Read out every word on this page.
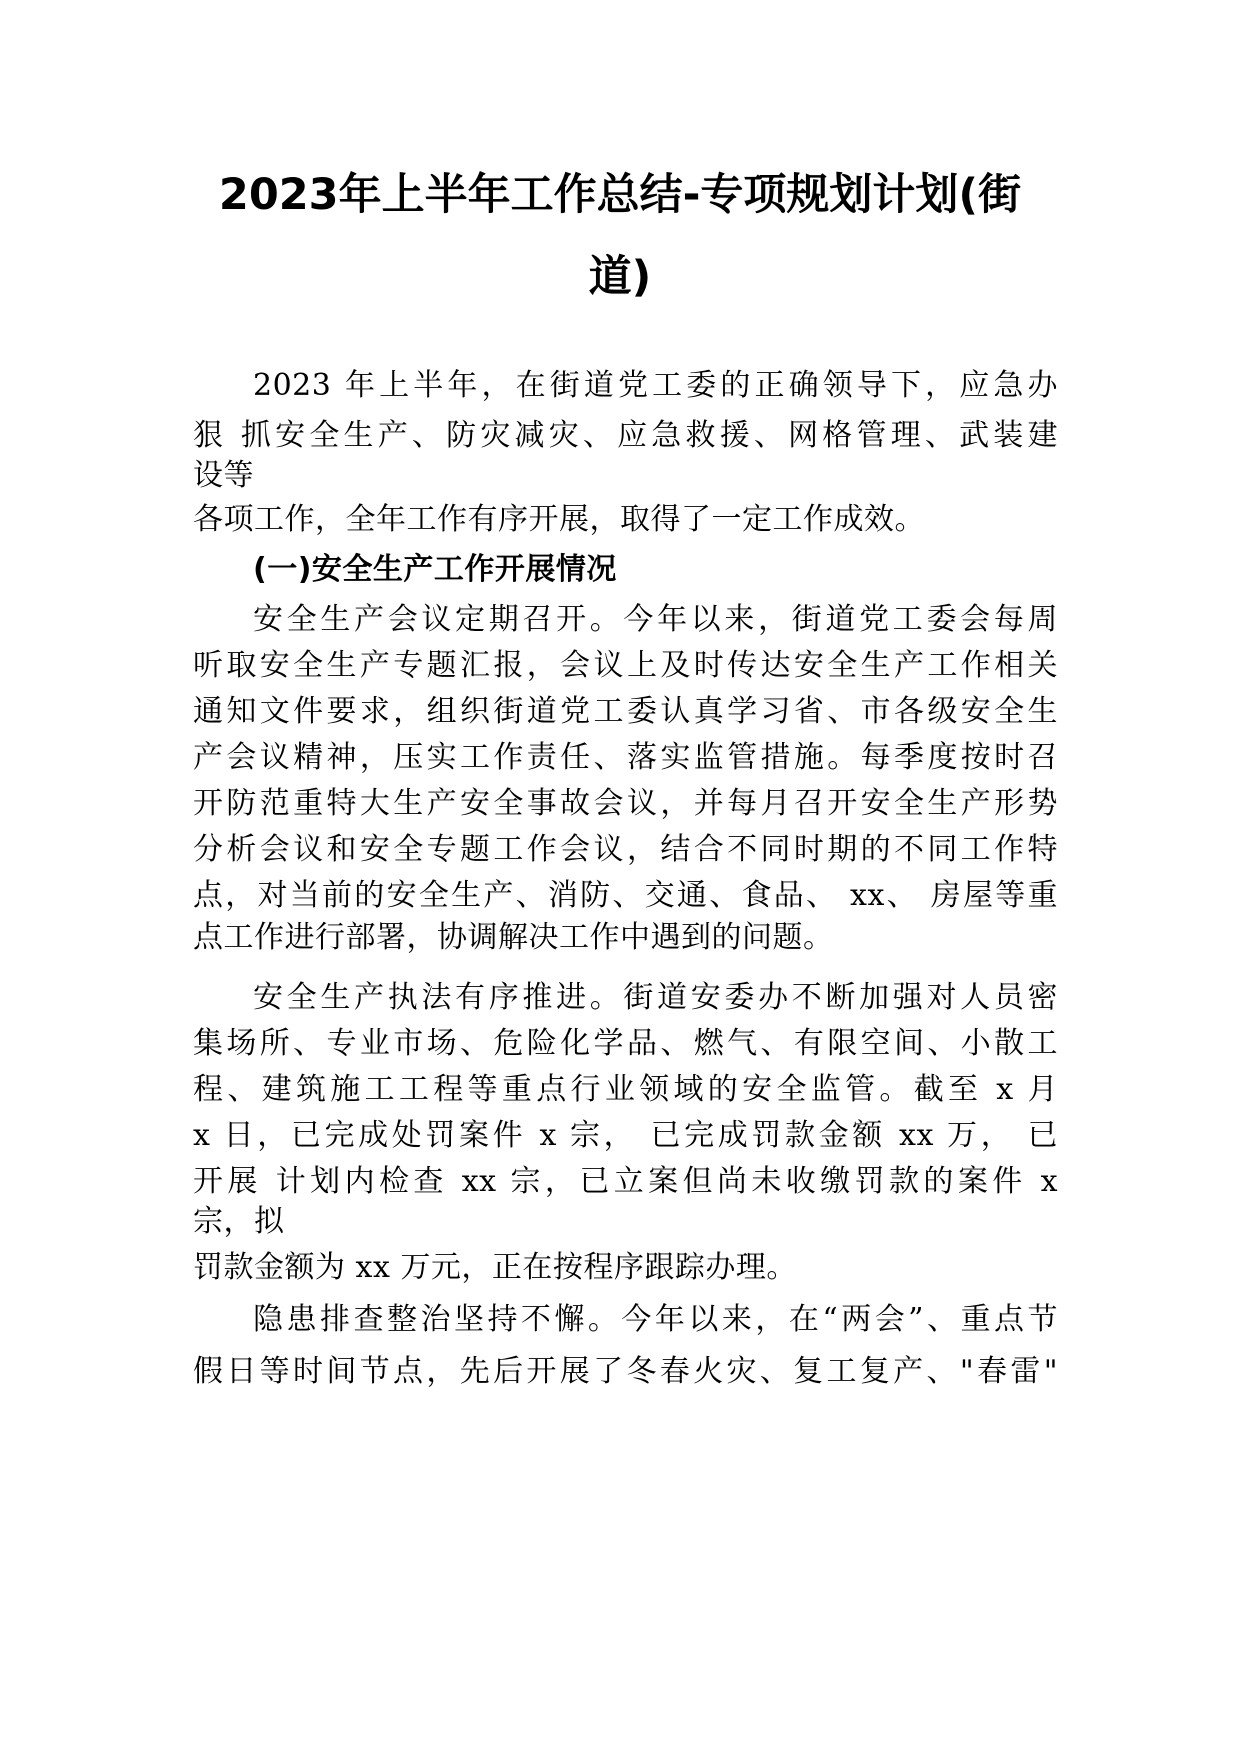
2023年上半年工作总结-专项规划计划(街
道)
2023 年上半年，在街道党工委的正确领导下，应急办
狠 抓安全生产、防灾减灾、应急救援、网格管理、武装建
设等
各项工作，全年工作有序开展，取得了一定工作成效。
(一)安全生产工作开展情况
安全生产会议定期召开。今年以来，街道党工委会每周
听取安全生产专题汇报，会议上及时传达安全生产工作相关
通知文件要求，组织街道党工委认真学习省、市各级安全生
产会议精神，压实工作责任、落实监管措施。每季度按时召
开防范重特大生产安全事故会议，并每月召开安全生产形势
分析会议和安全专题工作会议，结合不同时期的不同工作特
点，对当前的安全生产、消防、交通、食品、 xx、 房屋等重
点工作进行部署，协调解决工作中遇到的问题。
安全生产执法有序推进。街道安委办不断加强对人员密
集场所、专业市场、危险化学品、燃气、有限空间、小散工
程、建筑施工工程等重点行业领域的安全监管。截至 x 月
x 日，已完成处罚案件 x 宗， 已完成罚款金额 xx 万， 已
开展 计划内检查 xx 宗，已立案但尚未收缴罚款的案件 x
宗，拟
罚款金额为 xx 万元，正在按程序跟踪办理。
隐患排查整治坚持不懈。今年以来，在“两会”、重点节
假日等时间节点，先后开展了冬春火灾、复工复产、"春雷"
